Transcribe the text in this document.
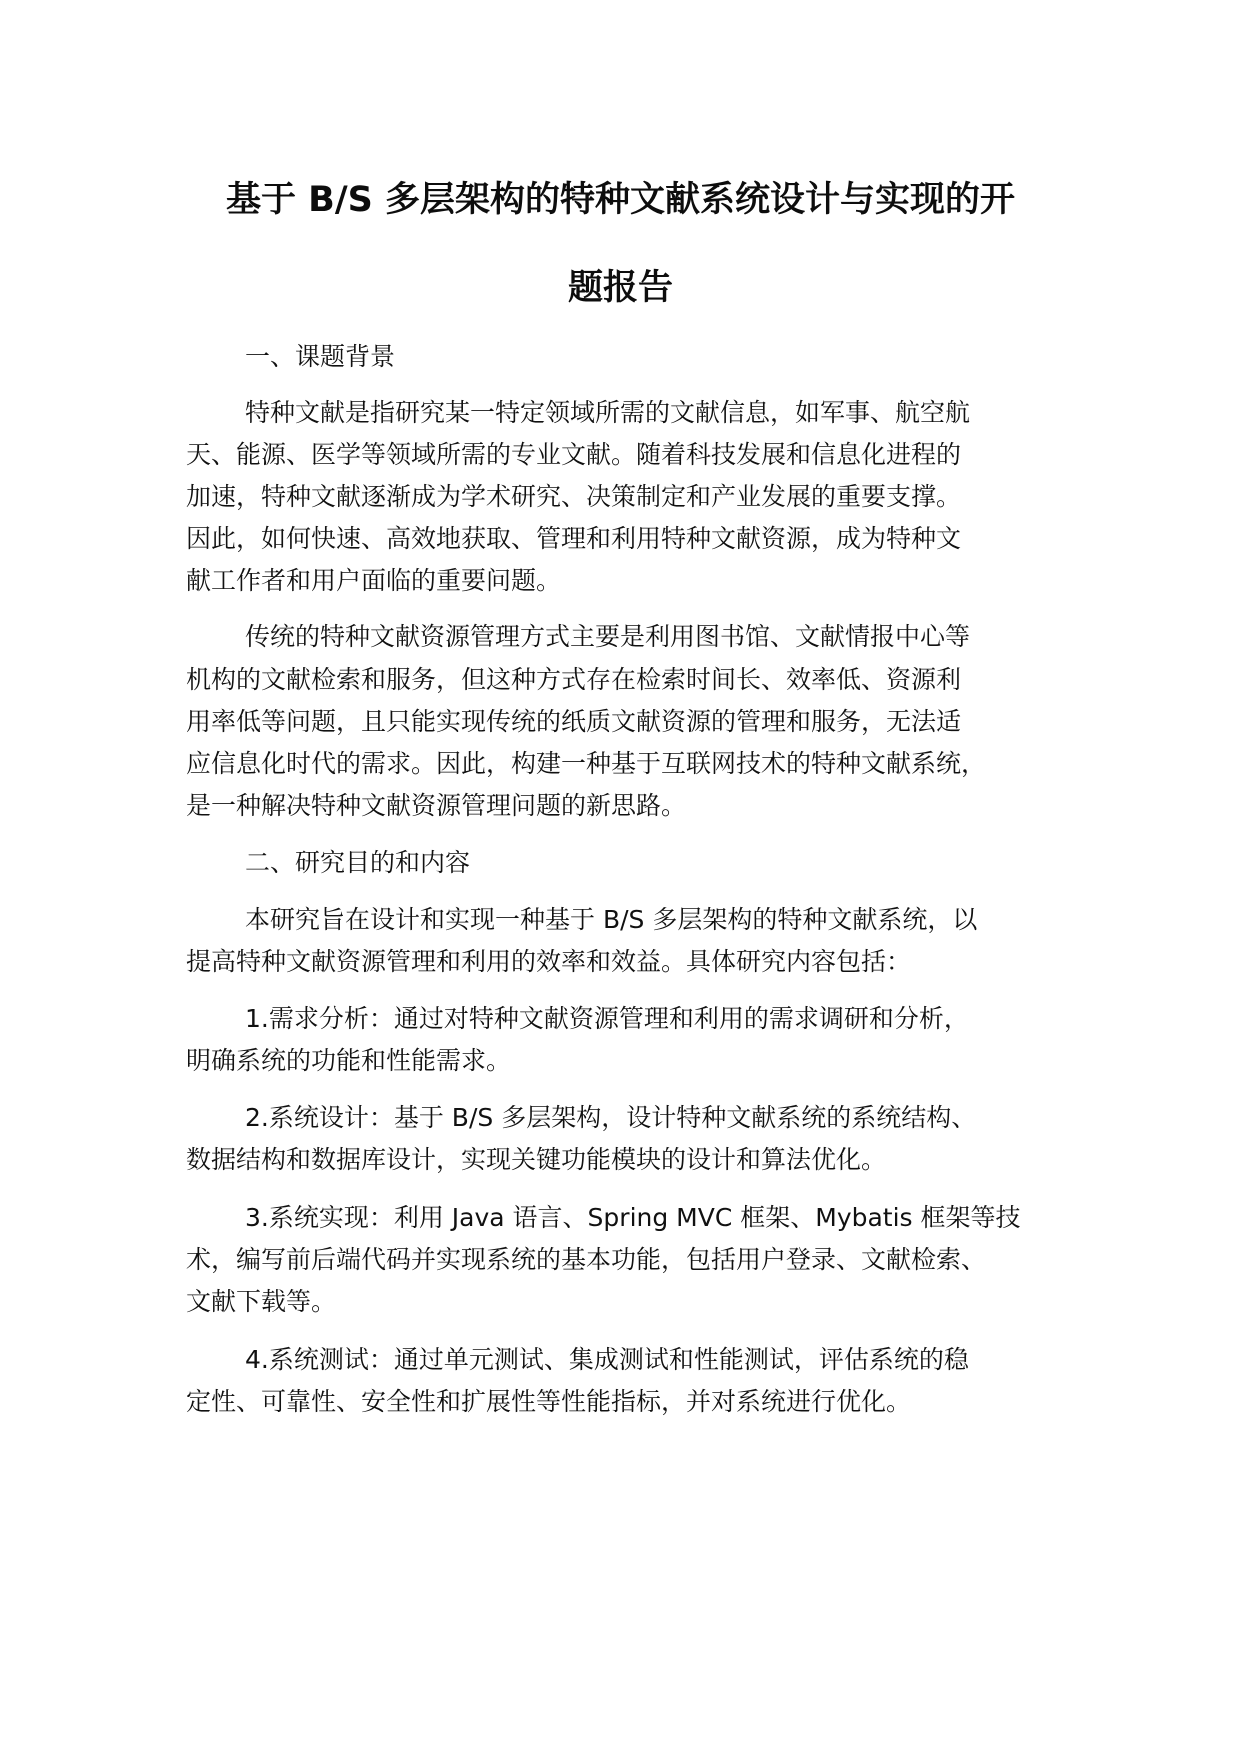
基于 B/S 多层架构的特种文献系统设计与实现的开
题报告
一、课题背景
特种文献是指研究某一特定领域所需的文献信息，如军事、航空航
天、能源、医学等领域所需的专业文献。随着科技发展和信息化进程的
加速，特种文献逐渐成为学术研究、决策制定和产业发展的重要支撑。
因此，如何快速、高效地获取、管理和利用特种文献资源，成为特种文
献工作者和用户面临的重要问题。
传统的特种文献资源管理方式主要是利用图书馆、文献情报中心等
机构的文献检索和服务，但这种方式存在检索时间长、效率低、资源利
用率低等问题，且只能实现传统的纸质文献资源的管理和服务，无法适
应信息化时代的需求。因此，构建一种基于互联网技术的特种文献系统，
是一种解决特种文献资源管理问题的新思路。
二、研究目的和内容
本研究旨在设计和实现一种基于 B/S 多层架构的特种文献系统，以
提高特种文献资源管理和利用的效率和效益。具体研究内容包括：
1.需求分析：通过对特种文献资源管理和利用的需求调研和分析，
明确系统的功能和性能需求。
2.系统设计：基于 B/S 多层架构，设计特种文献系统的系统结构、
数据结构和数据库设计，实现关键功能模块的设计和算法优化。
3.系统实现：利用 Java 语言、Spring MVC 框架、Mybatis 框架等技
术，编写前后端代码并实现系统的基本功能，包括用户登录、文献检索、
文献下载等。
4.系统测试：通过单元测试、集成测试和性能测试，评估系统的稳
定性、可靠性、安全性和扩展性等性能指标，并对系统进行优化。
